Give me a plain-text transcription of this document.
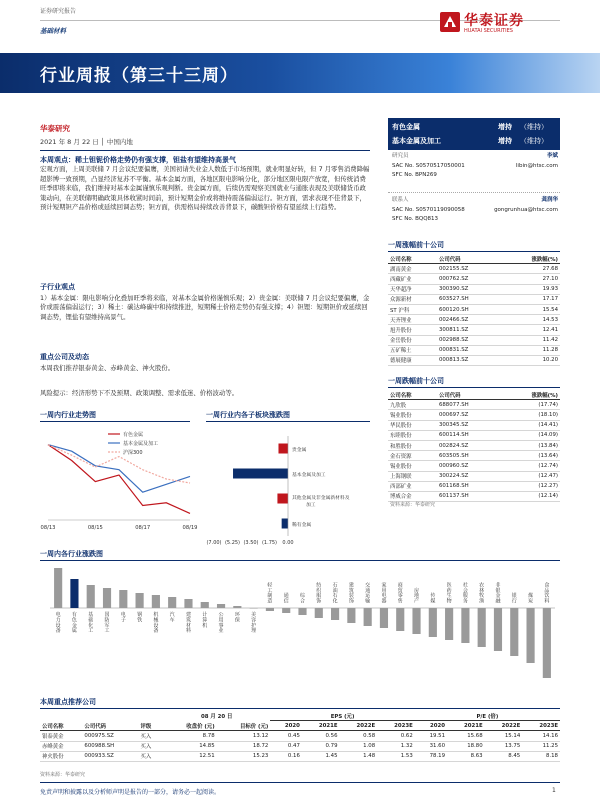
证券研究报告
基础材料
华泰证券
HUATAI SECURITIES
行业周报（第三十三周）
华泰研究
2021 年 8 月 22 日 │ 中国内地
本周观点：稀土钽铌价格走势仍有强支撑，钽盐有望维持高景气
宏观方面，上周美联储 7 月会议纪要偏鹰，美国初请失业金人数低于市场预期，就业明显好转，但 7 月零售消费降幅超影博一致预期，凸显经济复苏不平衡。基本金属方面，各地区限电影响分化，部分地区限电限产放宽，但传统消费旺季即将来临，我们维持对基本金属谨慎乐观判断。贵金属方面，后续仍需观察美国就业与通胀表现及美联储货币政策动向，在美联储明确政策具体收紧时间前，预计短期金价或将维持震荡偏弱运行。钽方面，需求表现不佳背景下，预计短期钽产品价格或延续回调态势；钽方面，供需格局持续改善背景下，碳酸钽价格有望延续上行趋势。
子行业观点
1）基本金属：限电影响分化叠加旺季将来临，对基本金属价格谨慎乐观；2）贵金属：美联储 7 月会议纪要偏鹰，金价或震荡偏弱运行；3）稀土：碳达峰碳中和持续推进，短期稀土价格走势仍有强支撑；4）钽锂：短期钽价或延续回调态势，锂盐有望维持高景气。
重点公司及动态
本周我们推荐银泰黄金、赤峰黄金、神火股份。
风险提示：经济形势下不及预期、政策调整、需求低迷、价格波动等。
有色金属	增持 （维持）
基本金属及加工	增持 （维持）
研究员	李斌
SAC No. S0570517050001	libin@htsc.com
SFC No. BPN269
联系人	龚润华
SAC No. S0570119090058	gongrunhua@htsc.com
SFC No. BQQ813
一周涨幅前十公司
公司名称	公司代码	涨跌幅(%)
湖南黄金	002155.SZ	27.68
西藏矿业	000762.SZ	27.10
天华超净	300390.SZ	19.93
众源新材	603527.SH	17.17
ST 沪科	600120.SH	15.54
天齐锂业	002466.SZ	14.53
旭升股份	300811.SZ	12.41
金岳股份	002988.SZ	11.42
五矿稀土	000831.SZ	11.28
德展健康	000813.SZ	10.20
一周跌幅前十公司
公司名称	公司代码	涨跌幅(%)
九欣股	688077.SH	(17.74)
锡业股份	000697.SZ	(18.10)
华民股份	300345.SZ	(14.41)
东睦股份	600114.SH	(14.09)
和胜股份	002824.SZ	(13.84)
金石资源	603505.SH	(13.64)
锡业股份	000960.SZ	(12.74)
上海钢联	300224.SZ	(12.47)
西部矿业	601168.SH	(12.27)
博威合金	601137.SH	(12.14)
资料来源：华泰研究
一周内行业走势图
有色金属
基本金属及加工
沪深300
08/13	08/15	08/17	08/19
一周行业内各子板块涨跌图
贵金属
基本金属及加工
其他金属及非金属新材料及加工
稀有金属
(7.00) (5.25) (3.50) (1.75) 0.00
一周内各行业涨跌图
电力设备
有色金属
基础化工
国防军工
电子
钢铁
机械设备
汽车
建筑材料
计算机
公用事业
环保
美容护理
轻工制造
通信
综合
纺织服饰
石油石化
建筑装饰
交通运输
家用电器
商贸零售
房地产
传媒
医药生物
社会服务
农林牧渔
非银金融
银行
煤炭
食品饮料
本周重点推荐公司
			08 月 20 日		EPS (元)				P/E (倍)			
公司名称	公司代码	评级	收盘价 (元)	目标价 (元)	2020	2021E	2022E	2023E	2020	2021E	2022E	2023E
银泰黄金	000975.SZ	买入	8.78	13.12	0.45	0.56	0.58	0.62	19.51	15.68	15.14	14.16
赤峰黄金	600988.SH	买入	14.85	18.72	0.47	0.79	1.08	1.32	31.60	18.80	13.75	11.25
神火股份	000933.SZ	买入	12.51	15.23	0.16	1.45	1.48	1.53	78.19	8.63	8.45	8.18
资料来源：华泰研究
免责声明和披露以及分析师声明是报告的一部分，请务必一起阅读。	1
